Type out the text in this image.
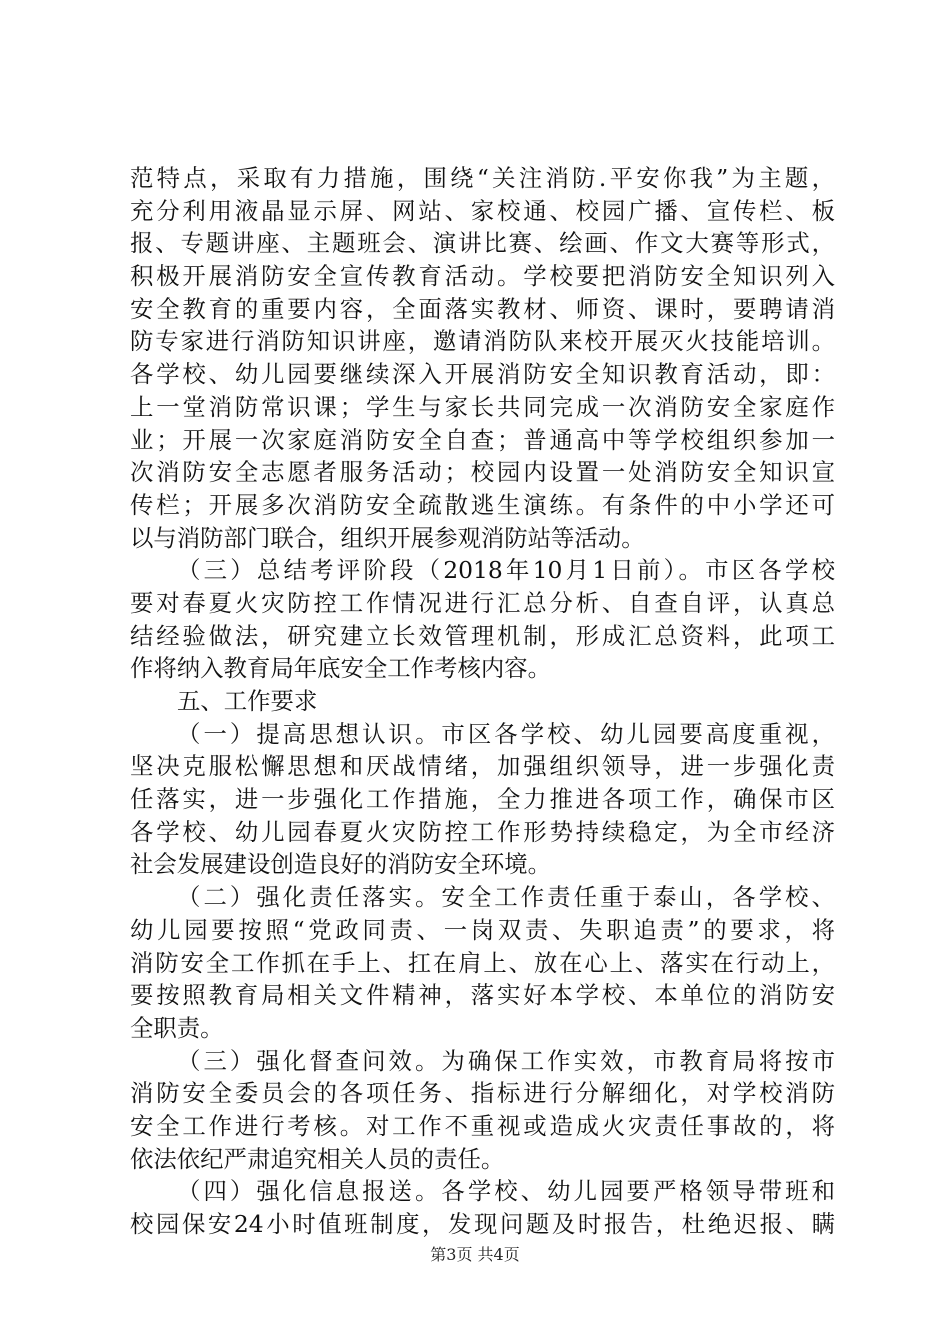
范特点，采取有力措施，围绕“关注消防.平安你我”为主题，
充分利用液晶显示屏、网站、家校通、校园广播、宣传栏、板
报、专题讲座、主题班会、演讲比赛、绘画、作文大赛等形式，
积极开展消防安全宣传教育活动。学校要把消防安全知识列入
安全教育的重要内容，全面落实教材、师资、课时，要聘请消
防专家进行消防知识讲座，邀请消防队来校开展灭火技能培训。
各学校、幼儿园要继续深入开展消防安全知识教育活动，即：
上一堂消防常识课；学生与家长共同完成一次消防安全家庭作
业；开展一次家庭消防安全自查；普通高中等学校组织参加一
次消防安全志愿者服务活动；校园内设置一处消防安全知识宣
传栏；开展多次消防安全疏散逃生演练。有条件的中小学还可
以与消防部门联合，组织开展参观消防站等活动。
（三）总结考评阶段（2018年10月1日前）。市区各学校
要对春夏火灾防控工作情况进行汇总分析、自查自评，认真总
结经验做法，研究建立长效管理机制，形成汇总资料，此项工
作将纳入教育局年底安全工作考核内容。
五、工作要求
（一）提高思想认识。市区各学校、幼儿园要高度重视，
坚决克服松懈思想和厌战情绪，加强组织领导，进一步强化责
任落实，进一步强化工作措施，全力推进各项工作，确保市区
各学校、幼儿园春夏火灾防控工作形势持续稳定，为全市经济
社会发展建设创造良好的消防安全环境。
（二）强化责任落实。安全工作责任重于泰山，各学校、
幼儿园要按照“党政同责、一岗双责、失职追责”的要求，将
消防安全工作抓在手上、扛在肩上、放在心上、落实在行动上，
要按照教育局相关文件精神，落实好本学校、本单位的消防安
全职责。
（三）强化督查问效。为确保工作实效，市教育局将按市
消防安全委员会的各项任务、指标进行分解细化，对学校消防
安全工作进行考核。对工作不重视或造成火灾责任事故的，将
依法依纪严肃追究相关人员的责任。
（四）强化信息报送。各学校、幼儿园要严格领导带班和
校园保安24小时值班制度，发现问题及时报告，杜绝迟报、瞒
第3页 共4页
